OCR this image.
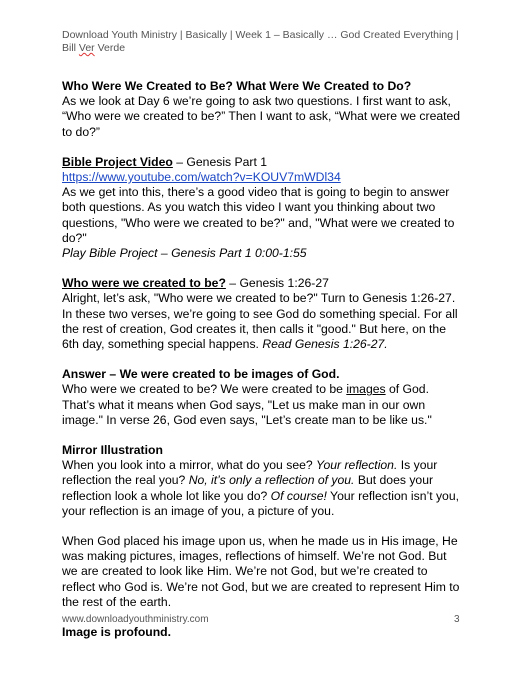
Download Youth Ministry | Basically | Week 1 – Basically … God Created Everything |
Bill Ver Verde

Who Were We Created to Be? What Were We Created to Do?

As we look at Day 6 we’re going to ask two questions. I first want to ask, “Who were we created to be?” Then I want to ask, “What were we created to do?”

Bible Project Video – Genesis Part 1

https://www.youtube.com/watch?v=KOUV7mWDl34

As we get into this, there’s a good video that is going to begin to answer both questions. As you watch this video I want you thinking about two questions, "Who were we created to be?" and, "What were we created to do?"

Play Bible Project – Genesis Part 1 0:00-1:55

Who were we created to be? – Genesis 1:26-27

Alright, let’s ask, "Who were we created to be?" Turn to Genesis 1:26-27. In these two verses, we’re going to see God do something special. For all the rest of creation, God creates it, then calls it "good." But here, on the 6th day, something special happens. Read Genesis 1:26-27.

Answer – We were created to be images of God.

Who were we created to be? We were created to be images of God. That’s what it means when God says, "Let us make man in our own image." In verse 26, God even says, "Let’s create man to be like us."

Mirror Illustration

When you look into a mirror, what do you see? Your reflection. Is your reflection the real you? No, it’s only a reflection of you. But does your reflection look a whole lot like you do? Of course! Your reflection isn’t you, your reflection is an image of you, a picture of you.

When God placed his image upon us, when he made us in His image, He was making pictures, images, reflections of himself. We’re not God. But we are created to look like Him. We’re not God, but we’re created to reflect who God is. We’re not God, but we are created to represent Him to the rest of the earth.

Image is profound.

www.downloadyouthministry.com	3
